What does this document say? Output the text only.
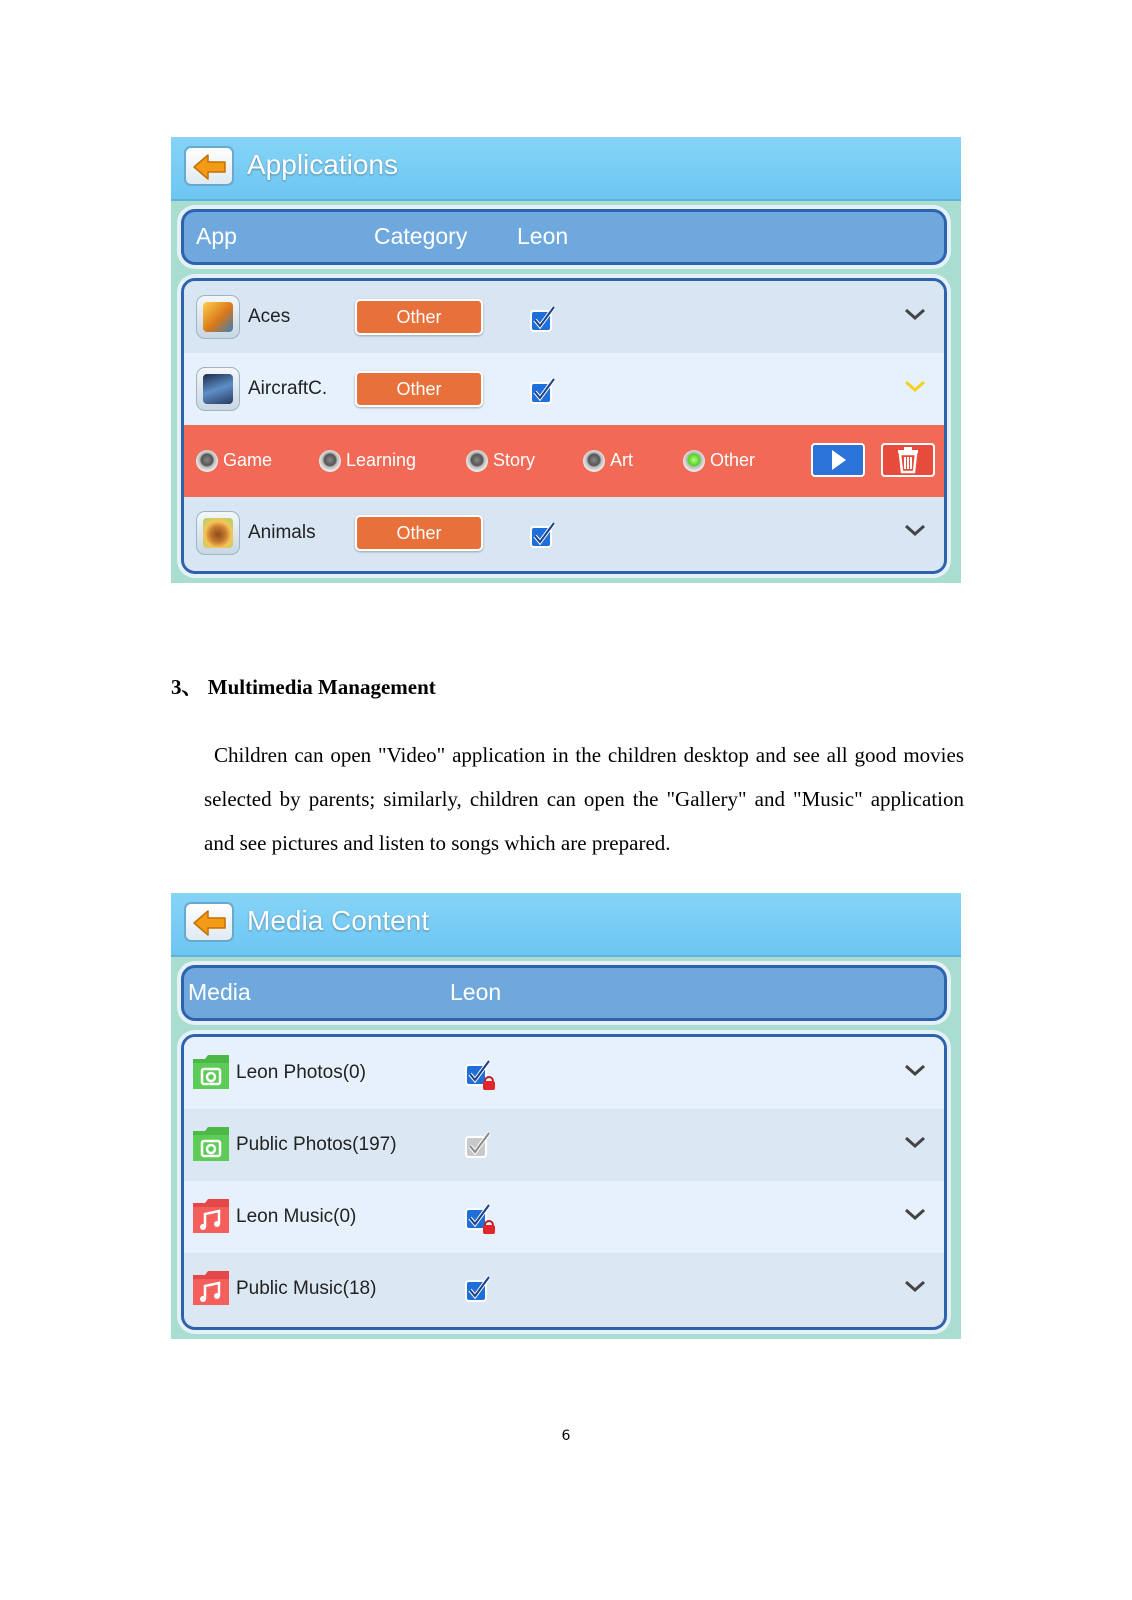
Applications
App	Category Leon
Aces	Other
AircraftC.	Other
Game	Learning	Story	Art	Other
Animals	Other
3、 Multimedia Management

Children can open "Video" application in the children desktop and see all good movies selected by parents; similarly, children can open the "Gallery" and "Music" application and see pictures and listen to songs which are prepared.

Media Content
Media	Leon
Leon Photos(0)
Public Photos(197)
Leon Music(0)
Public Music(18)
6
